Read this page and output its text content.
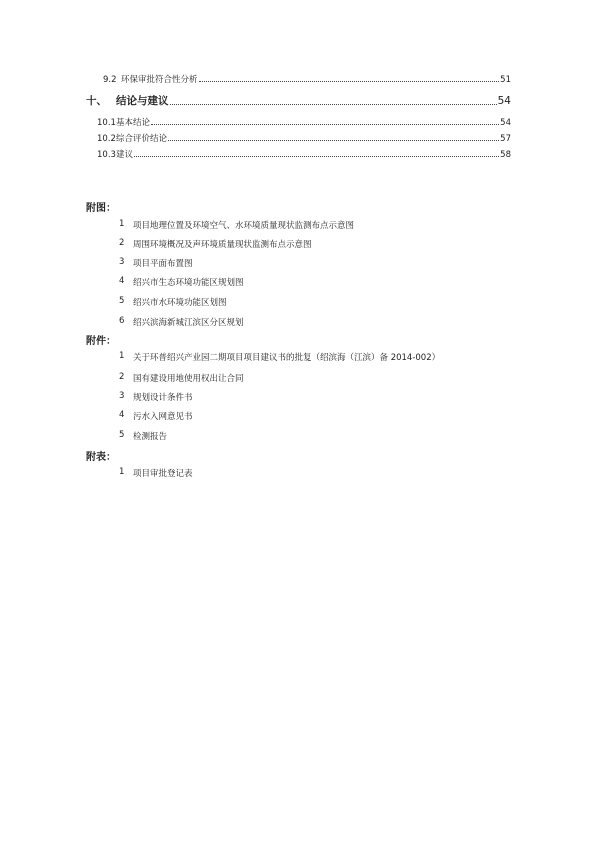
9.2 环保审批符合性分析	51
十、 结论与建议	54
10.1 基本结论	54
10.2 综合评价结论	57
10.3 建议	58
附图：
1	项目地理位置及环境空气、水环境质量现状监测布点示意图
2	周围环境概况及声环境质量现状监测布点示意图
3	项目平面布置图
4	绍兴市生态环境功能区规划图
5	绍兴市水环境功能区划图
6	绍兴滨海新城江滨区分区规划
附件：
1	关于环普绍兴产业园二期项目项目建议书的批复（绍滨海（江滨）备 2014-002）
2	国有建设用地使用权出让合同
3	规划设计条件书
4	污水入网意见书
5	检测报告
附表：
1	项目审批登记表
